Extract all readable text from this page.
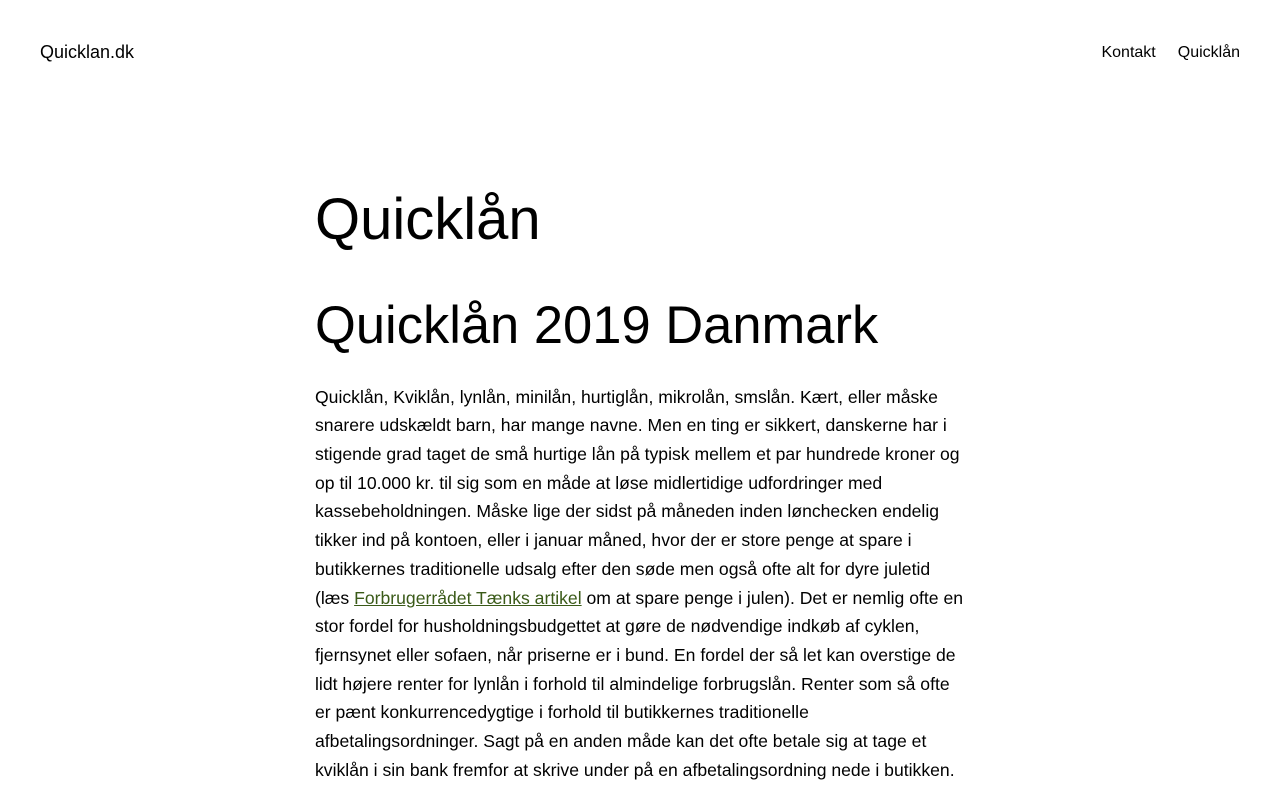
Quicklan.dk	Kontakt Quicklån
Quicklån
Quicklån 2019 Danmark

Quicklån, Kviklån, lynlån, minilån, hurtiglån, mikrolån, smslån. Kært, eller måske snarere udskældt barn, har mange navne. Men en ting er sikkert, danskerne har i stigende grad taget de små hurtige lån på typisk mellem et par hundrede kroner og op til 10.000 kr. til sig som en måde at løse midlertidige udfordringer med kassebeholdningen. Måske lige der sidst på måneden inden lønchecken endelig tikker ind på kontoen, eller i januar måned, hvor der er store penge at spare i butikkernes traditionelle udsalg efter den søde men også ofte alt for dyre juletid (læs Forbrugerrådet Tænks artikel om at spare penge i julen). Det er nemlig ofte en stor fordel for husholdningsbudgettet at gøre de nødvendige indkøb af cyklen, fjernsynet eller sofaen, når priserne er i bund. En fordel der så let kan overstige de lidt højere renter for lynlån i forhold til almindelige forbrugslån. Renter som så ofte er pænt konkurrencedygtige i forhold til butikkernes traditionelle afbetalingsordninger. Sagt på en anden måde kan det ofte betale sig at tage et kviklån i sin bank fremfor at skrive under på en afbetalingsordning nede i butikken.
